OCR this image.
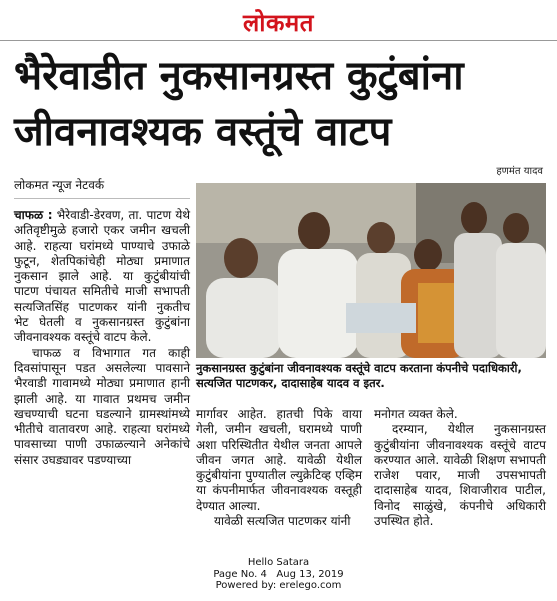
लोकमत
भैरेवाडीत नुकसानग्रस्त कुटुंबांना
जीवनावश्यक वस्तूंचे वाटप
हणमंत यादव
लोकमत न्यूज नेटवर्क

चाफळ : भैरेवाडी-डेरवण, ता. पाटण येथे अतिवृष्टीमुळे हजारो एकर जमीन खचली आहे. राहत्या घरांमध्ये पाण्याचे उफाळे फुटून, शेतपिकांचेही मोठ्या प्रमाणात नुकसान झाले आहे. या कुटुंबीयांची पाटण पंचायत समितीचे माजी सभापती सत्यजितसिंह पाटणकर यांनी नुकतीच भेट घेतली व नुकसानग्रस्त कुटुंबांना जीवनावश्यक वस्तूंचे वाटप केले.

चाफळ व विभागात गत काही दिवसांपासून पडत असलेल्या पावसाने भैरवाडी गावामध्ये मोठ्या प्रमाणात हानी झाली आहे. या गावात प्रथमच जमीन खचण्याची घटना घडल्याने ग्रामस्थांमध्ये भीतीचे वातावरण आहे. राहत्या घरांमध्ये पावसाच्या पाणी उफाळल्याने अनेकांचे संसार उघड्यावर पडण्याच्या

नुकसानग्रस्त कुटुंबांना जीवनावश्यक वस्तूंचे वाटप करताना कंपनीचे पदाधिकारी, सत्यजित पाटणकर, दादासाहेब यादव व इतर.

मार्गावर आहेत. हातची पिके वाया गेली, जमीन खचली, घरामध्ये पाणी अशा परिस्थितीत येथील जनता आपले जीवन जगत आहे. यावेळी येथील कुटुंबीयांना पुण्यातील ल्युक्रेटिव्ह एव्हिम या कंपनीमार्फत जीवनावश्यक वस्तूही देण्यात आल्या.

यावेळी सत्यजित पाटणकर यांनी

मनोगत व्यक्त केले.

दरम्यान, येथील नुकसानग्रस्त कुटुंबीयांना जीवनावश्यक वस्तूंचे वाटप करण्यात आले. यावेळी शिक्षण सभापती राजेश पवार, माजी उपसभापती दादासाहेब यादव, शिवाजीराव पाटील, विनोद साळुंखे, कंपनीचे अधिकारी उपस्थित होते.

Hello Satara
Page No. 4 Aug 13, 2019
Powered by: erelego.com
